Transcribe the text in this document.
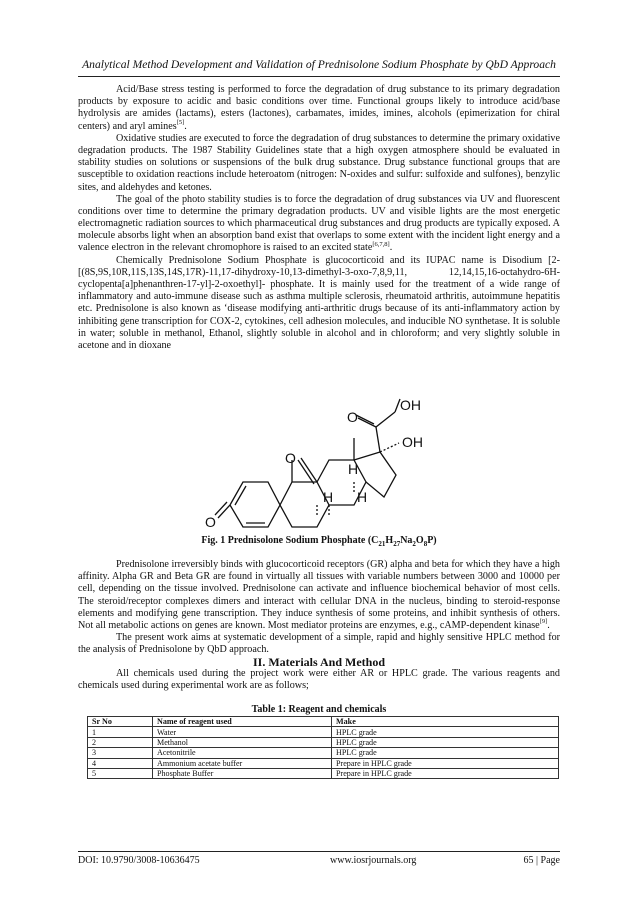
Analytical Method Development and Validation of Prednisolone Sodium Phosphate by QbD Approach

Acid/Base stress testing is performed to force the degradation of drug substance to its primary degradation products by exposure to acidic and basic conditions over time. Functional groups likely to introduce acid/base hydrolysis are amides (lactams), esters (lactones), carbamates, imides, imines, alcohols (epimerization for chiral centers) and aryl amines[5].

Oxidative studies are executed to force the degradation of drug substances to determine the primary oxidative degradation products. The 1987 Stability Guidelines state that a high oxygen atmosphere should be evaluated in stability studies on solutions or suspensions of the bulk drug substance. Drug substance functional groups that are susceptible to oxidation reactions include heteroatom (nitrogen: N-oxides and sulfur: sulfoxide and sulfones), benzylic sites, and aldehydes and ketones.

The goal of the photo stability studies is to force the degradation of drug substances via UV and fluorescent conditions over time to determine the primary degradation products. UV and visible lights are the most energetic electromagnetic radiation sources to which pharmaceutical drug substances and drug products are typically exposed. A molecule absorbs light when an absorption band exist that overlaps to some extent with the incident light energy and a valence electron in the relevant chromophore is raised to an excited state[6,7,8].

Chemically Prednisolone Sodium Phosphate is glucocorticoid and its IUPAC name is Disodium [2-[(8S,9S,10R,11S,13S,14S,17R)-11,17-dihydroxy-10,13-dimethyl-3-oxo-7,8,9,11, 12,14,15,16-octahydro-6H-cyclopenta[a]phenanthren-17-yl]-2-oxoethyl]- phosphate. It is mainly used for the treatment of a wide range of inflammatory and auto-immune disease such as asthma multiple sclerosis, rheumatoid arthritis, autoimmune hepatitis etc. Prednisolone is also known as ‘disease modifying anti-arthritic drugs because of its anti-inflammatory action by inhibiting gene transcription for COX-2, cytokines, cell adhesion molecules, and inducible NO synthetase. It is soluble in water; soluble in methanol, Ethanol, slightly soluble in alcohol and in chloroform; and very slightly soluble in acetone and in dioxane

OH
O
OH
O
H
H H
O
Fig. 1 Prednisolone Sodium Phosphate $(C_{21}H_{27}Na_2O_8P)$

Prednisolone irreversibly binds with glucocorticoid receptors (GR) alpha and beta for which they have a high affinity. Alpha GR and Beta GR are found in virtually all tissues with variable numbers between 3000 and 10000 per cell, depending on the tissue involved. Prednisolone can activate and influence biochemical behavior of most cells. The steroid/receptor complexes dimers and interact with cellular DNA in the nucleus, binding to steroid-response elements and modifying gene transcription. They induce synthesis of some proteins, and inhibit synthesis of others. Not all metabolic actions on genes are known. Most mediator proteins are enzymes, e.g., cAMP-dependent kinase[9].

The present work aims at systematic development of a simple, rapid and highly sensitive HPLC method for the analysis of Prednisolone by QbD approach.

II. Materials And Method

All chemicals used during the project work were either AR or HPLC grade. The various reagents and chemicals used during experimental work are as follows;

Table 1: Reagent and chemicals
Sr No	Name of reagent used	Make
1	Water	HPLC grade
2	Methanol	HPLC grade
3	Acetonitrile	HPLC grade
4	Ammonium acetate buffer	Prepare in HPLC grade
5	Phosphate Buffer	Prepare in HPLC grade
DOI: 10.9790/3008-10636475	www.iosrjournals.org	65 | Page
